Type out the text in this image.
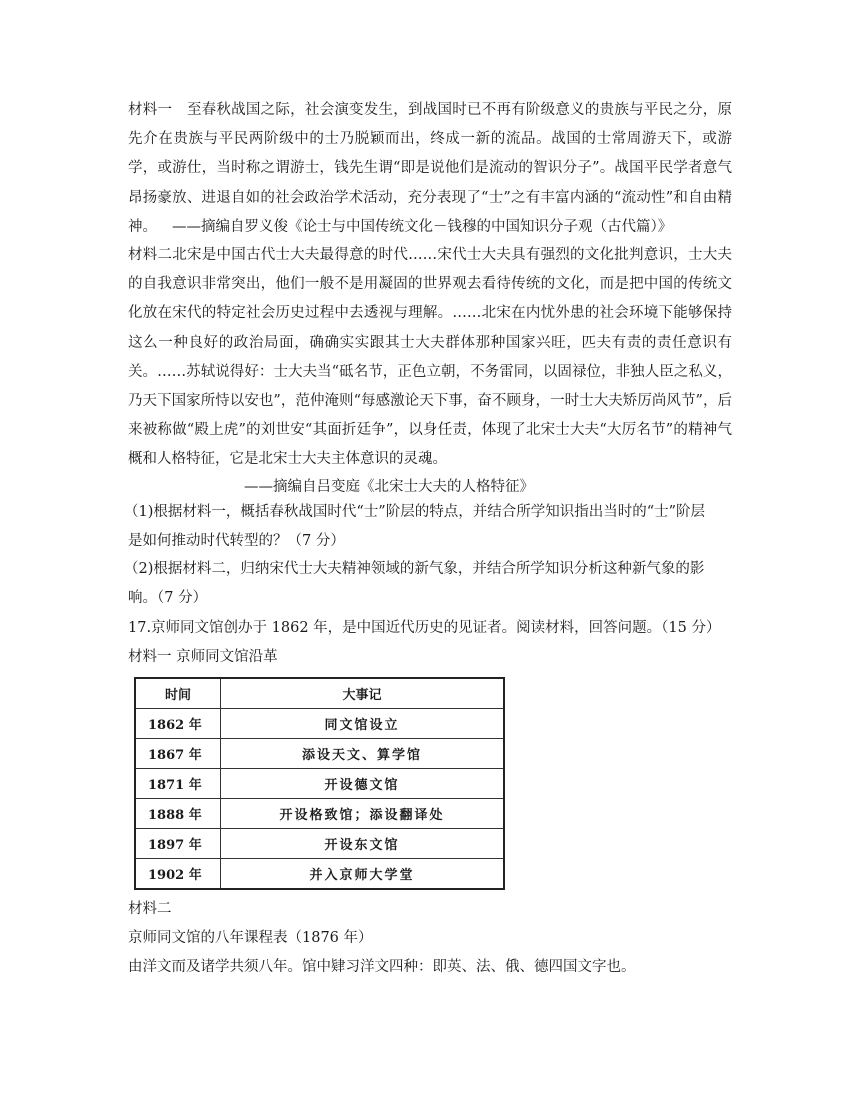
材料一　至春秋战国之际，社会演变发生，到战国时已不再有阶级意义的贵族与平民之分，原先介在贵族与平民两阶级中的士乃脱颖而出，终成一新的流品。战国的士常周游天下，或游学，或游仕，当时称之谓游士，钱先生谓“即是说他们是流动的智识分子”。战国平民学者意气昂扬豪放、进退自如的社会政治学术活动，充分表现了“士”之有丰富内涵的“流动性”和自由精神。	——摘编自罗义俊《论士与中国传统文化－钱穆的中国知识分子观（古代篇）》

材料二北宋是中国古代士大夫最得意的时代……宋代士大夫具有强烈的文化批判意识，士大夫的自我意识非常突出，他们一般不是用凝固的世界观去看待传统的文化，而是把中国的传统文化放在宋代的特定社会历史过程中去透视与理解。……北宋在内忧外患的社会环境下能够保持这么一种良好的政治局面，确确实实跟其士大夫群体那种国家兴旺，匹夫有责的责任意识有关。……苏轼说得好：士大夫当“砥名节，正色立朝，不务雷同，以固禄位，非独人臣之私义，乃天下国家所恃以安也”，范仲淹则“每感激论天下事，奋不顾身，一时士大夫矫厉尚风节”，后来被称做“殿上虎”的刘世安“其面折廷争”，以身任责，体现了北宋士大夫“大厉名节”的精神气概和人格特征，它是北宋士大夫主体意识的灵魂。

——摘编自吕变庭《北宋士大夫的人格特征》
（1)根据材料一，概括春秋战国时代“士”阶层的特点，并结合所学知识指出当时的“士”阶层
是如何推动时代转型的？（7 分）
（2)根据材料二，归纳宋代士大夫精神领域的新气象，并结合所学知识分析这种新气象的影
响。（7 分）
17.京师同文馆创办于 1862 年，是中国近代历史的见证者。阅读材料，回答问题。（15 分）
材料一 京师同文馆沿革
时间	大事记
1862 年	同文馆设立
1867 年	添设天文、算学馆
1871 年	开设德文馆
1888 年	开设格致馆；添设翻译处
1897 年	开设东文馆
1902 年	并入京师大学堂
材料二
京师同文馆的八年课程表（1876 年）
由洋文而及诸学共须八年。馆中肄习洋文四种：即英、法、俄、德四国文字也。
